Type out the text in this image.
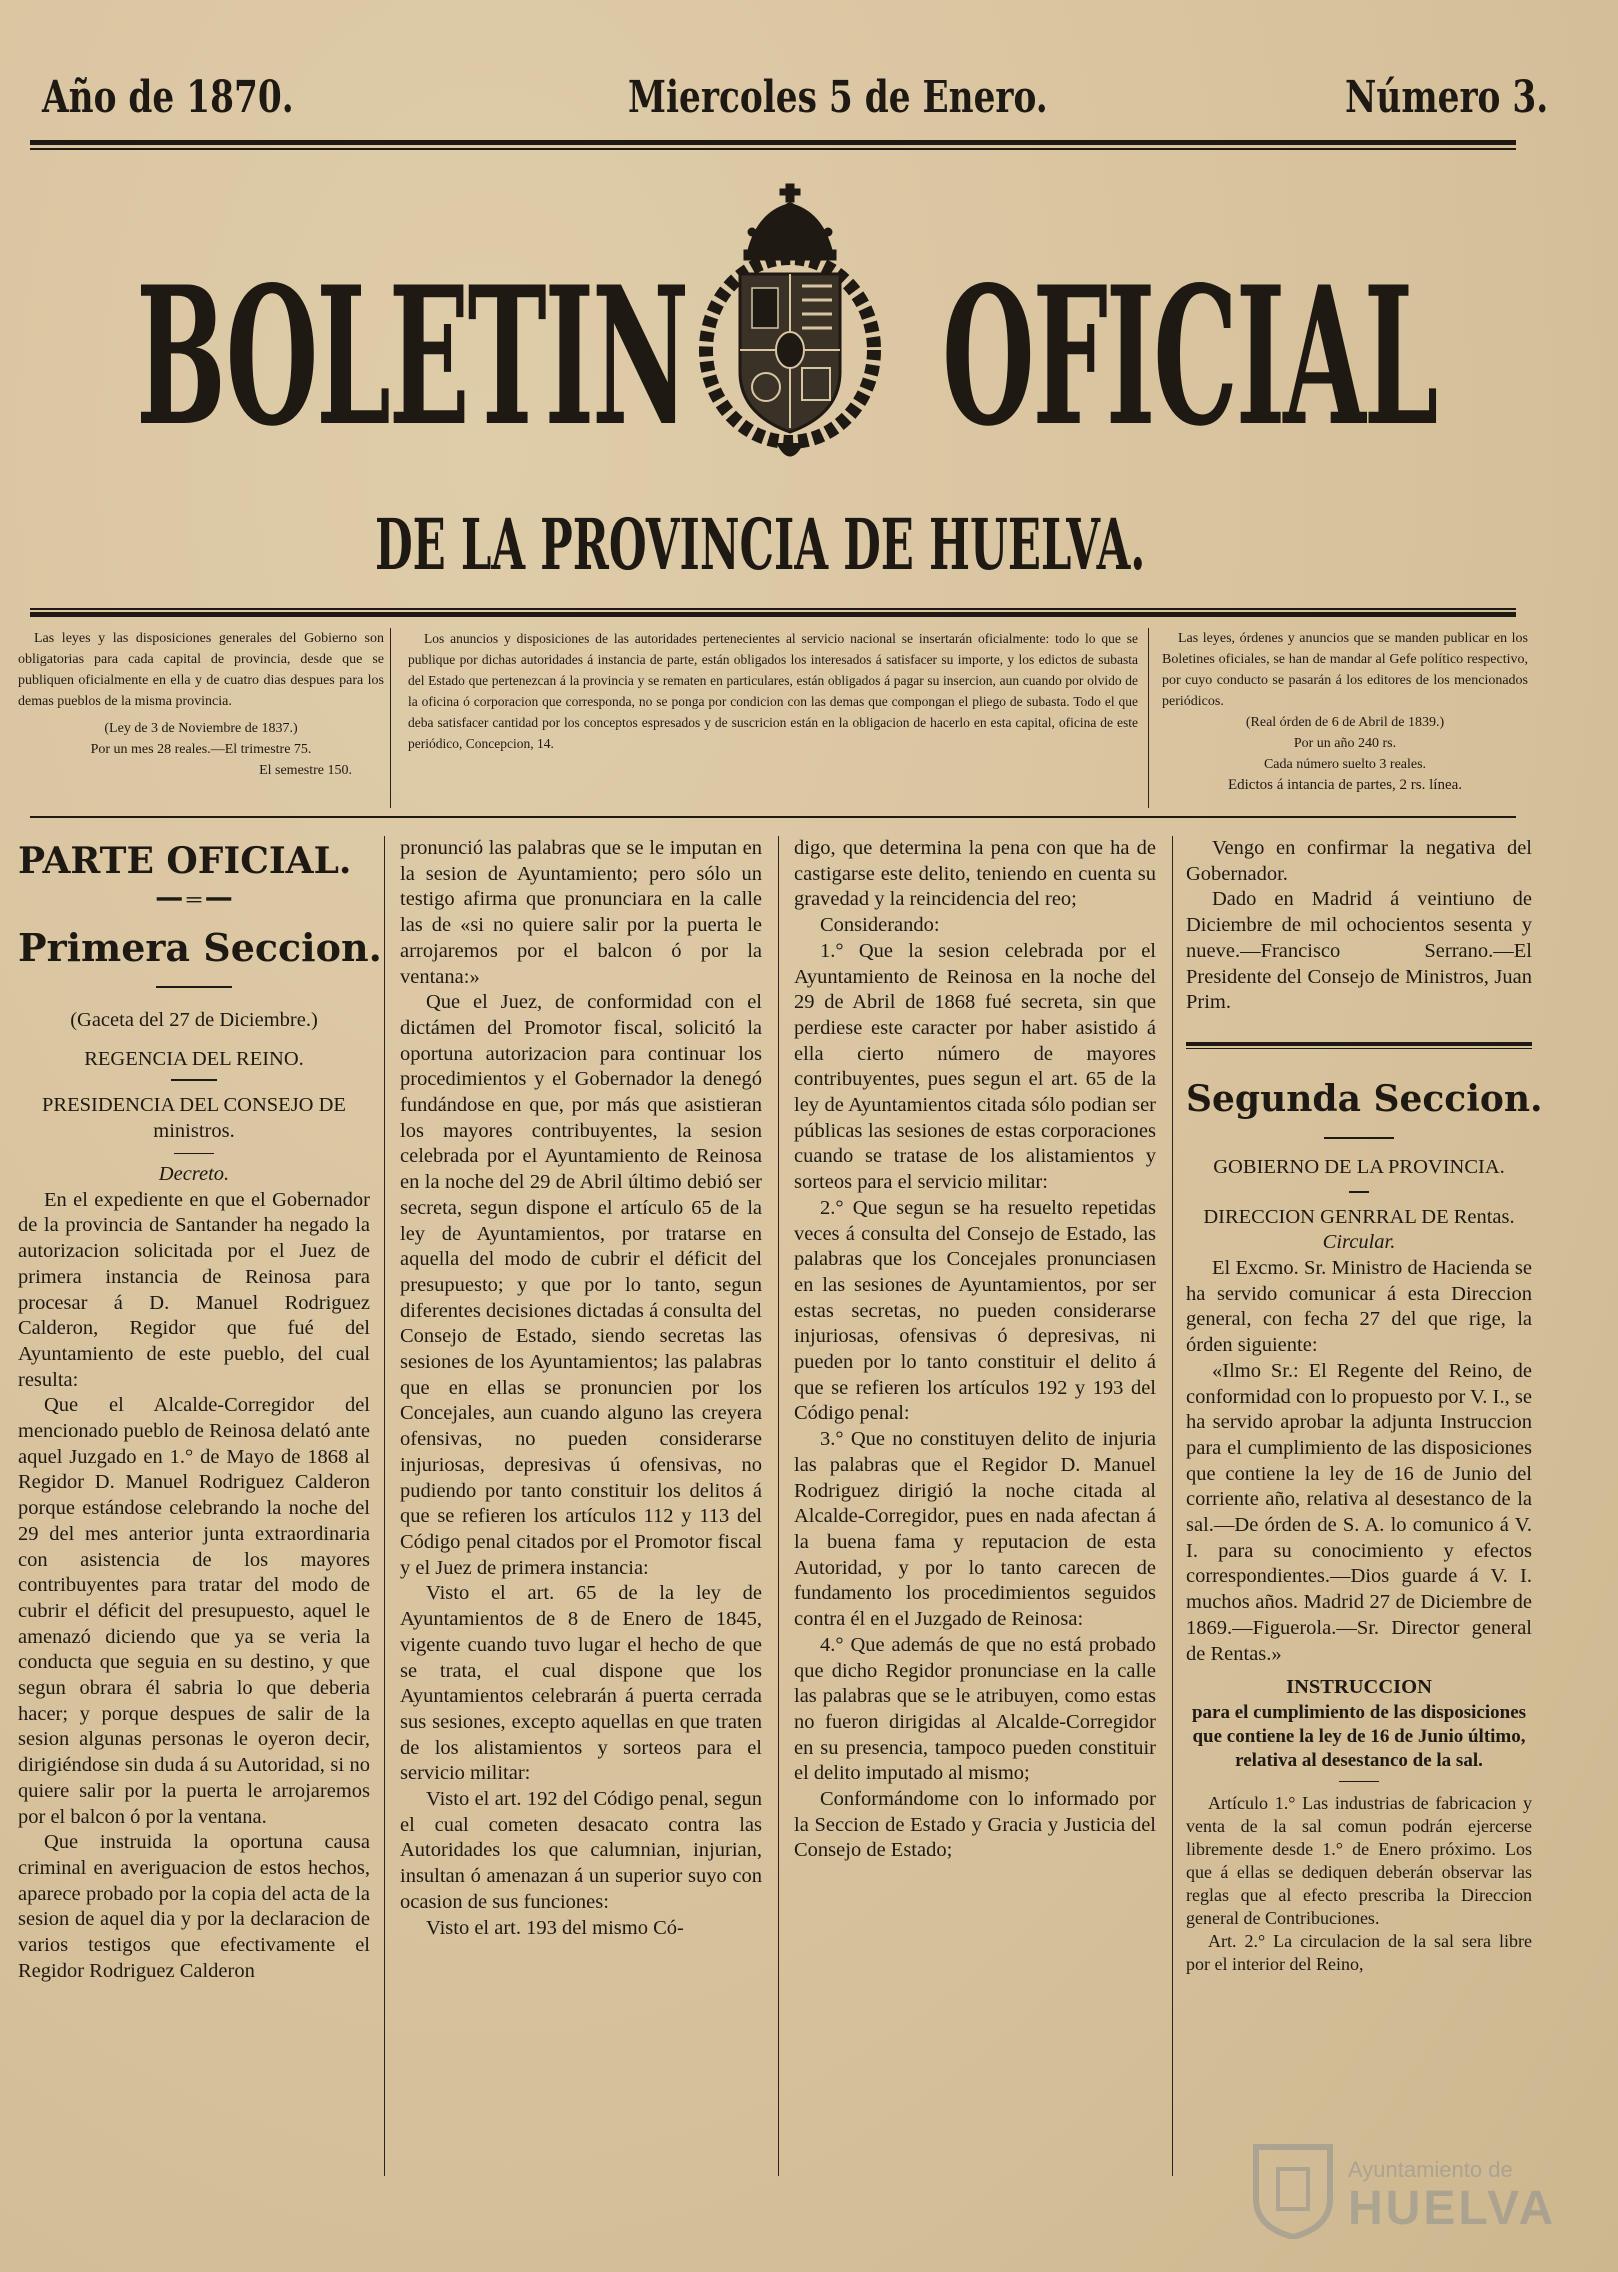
Año de 1870.	Miercoles 5 de Enero.	Número 3.
BOLETIN OFICIAL
DE LA PROVINCIA DE HUELVA.
Las leyes y las disposiciones generales del Gobierno son obligatorias para cada capital de provincia, desde que se publiquen oficialmente en ella y de cuatro dias despues para los demas pueblos de la misma provincia.
(Ley de 3 de Noviembre de 1837.)
Por un mes 28 reales.—El trimestre 75.
El semestre 150.
Los anuncios y disposiciones de las autoridades pertenecientes al servicio nacional se insertarán oficialmente: todo lo que se publique por dichas autoridades á instancia de parte, están obligados los interesados á satisfacer su importe, y los edictos de subasta del Estado que pertenezcan á la provincia y se rematen en particulares, están obligados á pagar su insercion, aun cuando por olvido de la oficina ó corporacion que corresponda, no se ponga por condicion con las demas que compongan el pliego de subasta. Todo el que deba satisfacer cantidad por los conceptos espresados y de suscricion están en la obligacion de hacerlo en esta capital, oficina de este periódico, Concepcion, 14.
Las leyes, órdenes y anuncios que se manden publicar en los Boletines oficiales, se han de mandar al Gefe político respectivo, por cuyo conducto se pasarán á los editores de los mencionados periódicos.
(Real órden de 6 de Abril de 1839.)
Por un año 240 rs.
Cada número suelto 3 reales.
Edictos á intancia de partes, 2 rs. línea.
PARTE OFICIAL.
━━ ═ ━━
Primera Seccion.

(Gaceta del 27 de Diciembre.)

REGENCIA DEL REINO.

PRESIDENCIA DEL CONSEJO DE ministros.

Decreto.

En el expediente en que el Gobernador de la provincia de Santander ha negado la autorizacion solicitada por el Juez de primera instancia de Reinosa para procesar á D. Manuel Rodriguez Calderon, Regidor que fué del Ayuntamiento de este pueblo, del cual resulta:

Que el Alcalde-Corregidor del mencionado pueblo de Reinosa delató ante aquel Juzgado en 1.° de Mayo de 1868 al Regidor D. Manuel Rodriguez Calderon porque estándose celebrando la noche del 29 del mes anterior junta extraordinaria con asistencia de los mayores contribuyentes para tratar del modo de cubrir el déficit del presupuesto, aquel le amenazó diciendo que ya se veria la conducta que seguia en su destino, y que segun obrara él sabria lo que deberia hacer; y porque despues de salir de la sesion algunas personas le oyeron decir, dirigiéndose sin duda á su Autoridad, si no quiere salir por la puerta le arrojaremos por el balcon ó por la ventana.

Que instruida la oportuna causa criminal en averiguacion de estos hechos, aparece probado por la copia del acta de la sesion de aquel dia y por la declaracion de varios testigos que efectivamente el Regidor Rodriguez Calderon

pronunció las palabras que se le imputan en la sesion de Ayuntamiento; pero sólo un testigo afirma que pronunciara en la calle las de «si no quiere salir por la puerta le arrojaremos por el balcon ó por la ventana:»

Que el Juez, de conformidad con el dictámen del Promotor fiscal, solicitó la oportuna autorizacion para continuar los procedimientos y el Gobernador la denegó fundándose en que, por más que asistieran los mayores contribuyentes, la sesion celebrada por el Ayuntamiento de Reinosa en la noche del 29 de Abril último debió ser secreta, segun dispone el artículo 65 de la ley de Ayuntamientos, por tratarse en aquella del modo de cubrir el déficit del presupuesto; y que por lo tanto, segun diferentes decisiones dictadas á consulta del Consejo de Estado, siendo secretas las sesiones de los Ayuntamientos; las palabras que en ellas se pronuncien por los Concejales, aun cuando alguno las creyera ofensivas, no pueden considerarse injuriosas, depresivas ú ofensivas, no pudiendo por tanto constituir los delitos á que se refieren los artículos 112 y 113 del Código penal citados por el Promotor fiscal y el Juez de primera instancia:

Visto el art. 65 de la ley de Ayuntamientos de 8 de Enero de 1845, vigente cuando tuvo lugar el hecho de que se trata, el cual dispone que los Ayuntamientos celebrarán á puerta cerrada sus sesiones, excepto aquellas en que traten de los alistamientos y sorteos para el servicio militar:

Visto el art. 192 del Código penal, segun el cual cometen desacato contra las Autoridades los que calumnian, injurian, insultan ó amenazan á un superior suyo con ocasion de sus funciones:

Visto el art. 193 del mismo Có-

digo, que determina la pena con que ha de castigarse este delito, teniendo en cuenta su gravedad y la reincidencia del reo;

Considerando:

1.° Que la sesion celebrada por el Ayuntamiento de Reinosa en la noche del 29 de Abril de 1868 fué secreta, sin que perdiese este caracter por haber asistido á ella cierto número de mayores contribuyentes, pues segun el art. 65 de la ley de Ayuntamientos citada sólo podian ser públicas las sesiones de estas corporaciones cuando se tratase de los alistamientos y sorteos para el servicio militar:

2.° Que segun se ha resuelto repetidas veces á consulta del Consejo de Estado, las palabras que los Concejales pronunciasen en las sesiones de Ayuntamientos, por ser estas secretas, no pueden considerarse injuriosas, ofensivas ó depresivas, ni pueden por lo tanto constituir el delito á que se refieren los artículos 192 y 193 del Código penal:

3.° Que no constituyen delito de injuria las palabras que el Regidor D. Manuel Rodriguez dirigió la noche citada al Alcalde-Corregidor, pues en nada afectan á la buena fama y reputacion de esta Autoridad, y por lo tanto carecen de fundamento los procedimientos seguidos contra él en el Juzgado de Reinosa:

4.° Que además de que no está probado que dicho Regidor pronunciase en la calle las palabras que se le atribuyen, como estas no fueron dirigidas al Alcalde-Corregidor en su presencia, tampoco pueden constituir el delito imputado al mismo;

Conformándome con lo informado por la Seccion de Estado y Gracia y Justicia del Consejo de Estado;

Vengo en confirmar la negativa del Gobernador.

Dado en Madrid á veintiuno de Diciembre de mil ochocientos sesenta y nueve.—Francisco Serrano.—El Presidente del Consejo de Ministros, Juan Prim.

Segunda Seccion.

GOBIERNO DE LA PROVINCIA.

DIRECCION GENRRAL DE Rentas.

Circular.

El Excmo. Sr. Ministro de Hacienda se ha servido comunicar á esta Direccion general, con fecha 27 del que rige, la órden siguiente:

«Ilmo Sr.: El Regente del Reino, de conformidad con lo propuesto por V. I., se ha servido aprobar la adjunta Instruccion para el cumplimiento de las disposiciones que contiene la ley de 16 de Junio del corriente año, relativa al desestanco de la sal.—De órden de S. A. lo comunico á V. I. para su conocimiento y efectos correspondientes.—Dios guarde á V. I. muchos años. Madrid 27 de Diciembre de 1869.—Figuerola.—Sr. Director general de Rentas.»

INSTRUCCION

para el cumplimiento de las disposiciones que contiene la ley de 16 de Junio último, relativa al desestanco de la sal.

Artículo 1.° Las industrias de fabricacion y venta de la sal comun podrán ejercerse libremente desde 1.° de Enero próximo. Los que á ellas se dediquen deberán observar las reglas que al efecto prescriba la Direccion general de Contribuciones.

Art. 2.° La circulacion de la sal sera libre por el interior del Reino,

Ayuntamiento de
HUELVA
